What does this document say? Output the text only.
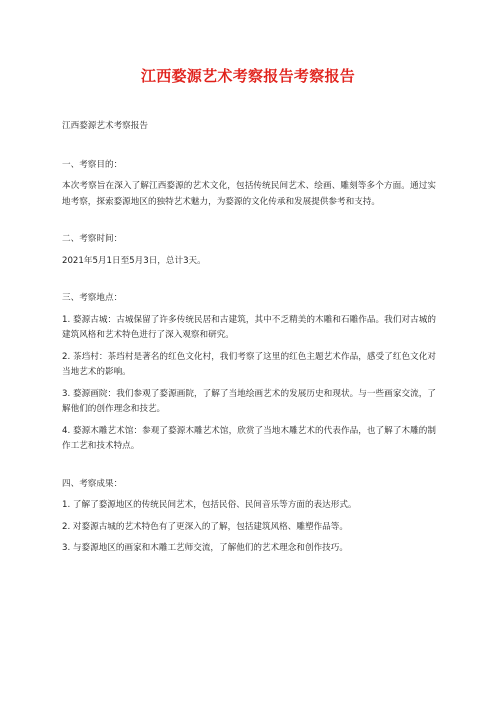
江西婺源艺术考察报告考察报告

江西婺源艺术考察报告

一、考察目的：

本次考察旨在深入了解江西婺源的艺术文化，包括传统民间艺术、绘画、雕刻等多个方面。通过实地考察，探索婺源地区的独特艺术魅力，为婺源的文化传承和发展提供参考和支持。

二、考察时间：

2021年5月1日至5月3日，总计3天。

三、考察地点：

1. 婺源古城：古城保留了许多传统民居和古建筑，其中不乏精美的木雕和石雕作品。我们对古城的建筑风格和艺术特色进行了深入观察和研究。

2. 茶垱村：茶垱村是著名的红色文化村，我们考察了这里的红色主题艺术作品，感受了红色文化对当地艺术的影响。

3. 婺源画院：我们参观了婺源画院，了解了当地绘画艺术的发展历史和现状。与一些画家交流，了解他们的创作理念和技艺。

4. 婺源木雕艺术馆：参观了婺源木雕艺术馆，欣赏了当地木雕艺术的代表作品，也了解了木雕的制作工艺和技术特点。

四、考察成果：

1. 了解了婺源地区的传统民间艺术，包括民俗、民间音乐等方面的表达形式。

2. 对婺源古城的艺术特色有了更深入的了解，包括建筑风格、雕塑作品等。

3. 与婺源地区的画家和木雕工艺师交流，了解他们的艺术理念和创作技巧。
